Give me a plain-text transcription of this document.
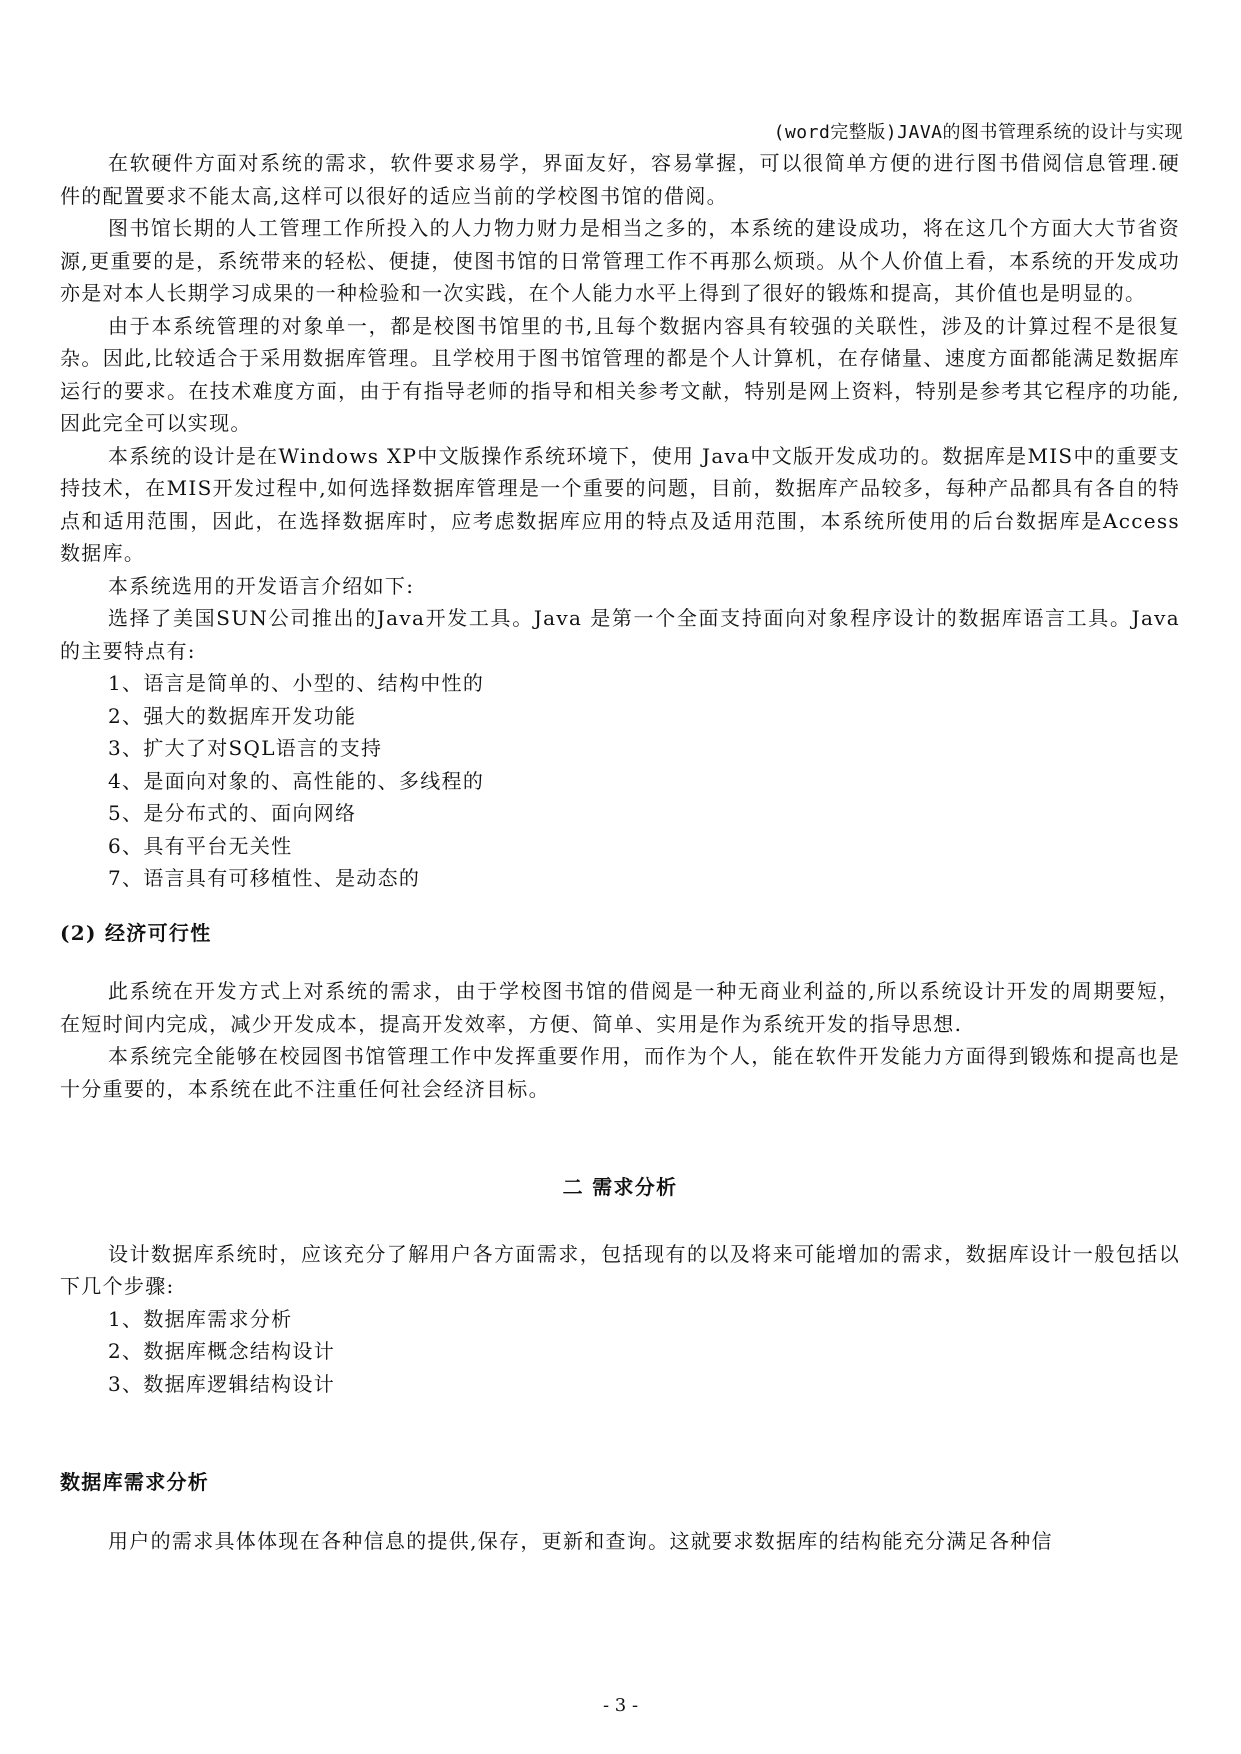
(word完整版)JAVA的图书管理系统的设计与实现

在软硬件方面对系统的需求，软件要求易学，界面友好，容易掌握，可以很简单方便的进行图书借阅信息管理.硬件的配置要求不能太高,这样可以很好的适应当前的学校图书馆的借阅。

图书馆长期的人工管理工作所投入的人力物力财力是相当之多的，本系统的建设成功，将在这几个方面大大节省资源,更重要的是，系统带来的轻松、便捷，使图书馆的日常管理工作不再那么烦琐。从个人价值上看，本系统的开发成功亦是对本人长期学习成果的一种检验和一次实践，在个人能力水平上得到了很好的锻炼和提高，其价值也是明显的。

由于本系统管理的对象单一，都是校图书馆里的书,且每个数据内容具有较强的关联性，涉及的计算过程不是很复杂。因此,比较适合于采用数据库管理。且学校用于图书馆管理的都是个人计算机，在存储量、速度方面都能满足数据库运行的要求。在技术难度方面，由于有指导老师的指导和相关参考文献，特别是网上资料，特别是参考其它程序的功能,因此完全可以实现。

本系统的设计是在Windows XP中文版操作系统环境下，使用 Java中文版开发成功的。数据库是MIS中的重要支持技术，在MIS开发过程中,如何选择数据库管理是一个重要的问题，目前，数据库产品较多，每种产品都具有各自的特点和适用范围，因此，在选择数据库时，应考虑数据库应用的特点及适用范围，本系统所使用的后台数据库是Access数据库。

本系统选用的开发语言介绍如下:

选择了美国SUN公司推出的Java开发工具。Java 是第一个全面支持面向对象程序设计的数据库语言工具。Java的主要特点有:

1、语言是简单的、小型的、结构中性的

2、强大的数据库开发功能

3、扩大了对SQL语言的支持

4、是面向对象的、高性能的、多线程的

5、是分布式的、面向网络

6、具有平台无关性

7、语言具有可移植性、是动态的

(2) 经济可行性

此系统在开发方式上对系统的需求，由于学校图书馆的借阅是一种无商业利益的,所以系统设计开发的周期要短，在短时间内完成，减少开发成本，提高开发效率，方便、简单、实用是作为系统开发的指导思想.

本系统完全能够在校园图书馆管理工作中发挥重要作用，而作为个人，能在软件开发能力方面得到锻炼和提高也是十分重要的，本系统在此不注重任何社会经济目标。

二 需求分析

设计数据库系统时，应该充分了解用户各方面需求，包括现有的以及将来可能增加的需求，数据库设计一般包括以下几个步骤:

1、数据库需求分析

2、数据库概念结构设计

3、数据库逻辑结构设计

数据库需求分析

用户的需求具体体现在各种信息的提供,保存，更新和查询。这就要求数据库的结构能充分满足各种信

- 3 -
